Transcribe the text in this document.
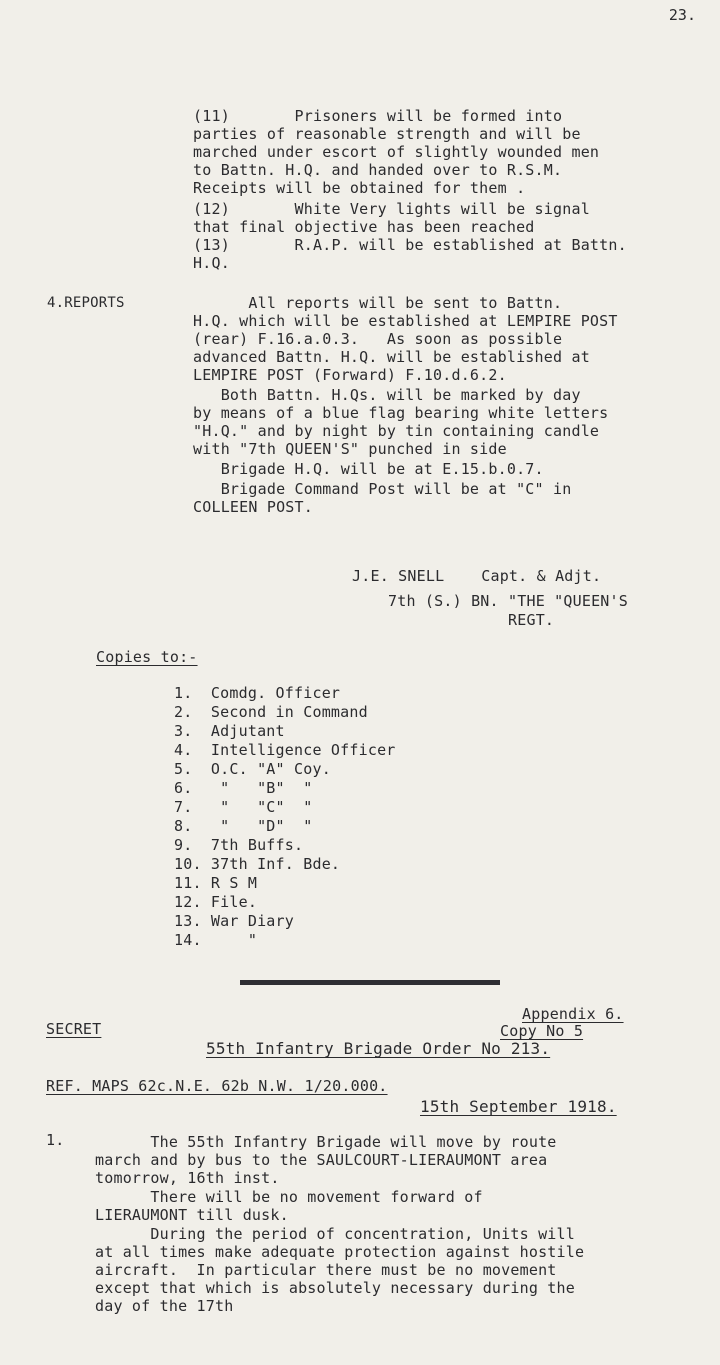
23.
(11)       Prisoners will be formed into
parties of reasonable strength and will be
marched under escort of slightly wounded men
to Battn. H.Q. and handed over to R.S.M.
Receipts will be obtained for them .
(12)       White Very lights will be signal
that final objective has been reached
(13)       R.A.P. will be established at Battn.
H.Q.
4.REPORTS	All reports will be sent to Battn.
H.Q. which will be established at LEMPIRE POST
(rear) F.16.a.0.3.   As soon as possible
advanced Battn. H.Q. will be established at
LEMPIRE POST (Forward) F.10.d.6.2.
Both Battn. H.Qs. will be marked by day
by means of a blue flag bearing white letters
"H.Q." and by night by tin containing candle
with "7th QUEEN'S" punched in side
Brigade H.Q. will be at E.15.b.0.7.
Brigade Command Post will be at "C" in
COLLEEN POST.
J.E. SNELL    Capt. & Adjt.
7th (S.) BN. "THE "QUEEN'S
REGT.
Copies to:-
1.  Comdg. Officer
2.  Second in Command
3.  Adjutant
4.  Intelligence Officer
5.  O.C. "A" Coy.
6.   "   "B"  "
7.   "   "C"  "
8.   "   "D"  "
9.  7th Buffs.
10. 37th Inf. Bde.
11. R S M
12. File.
13. War Diary
14.     "
Appendix 6.
SECRET	Copy No 5
55th Infantry Brigade Order No 213.
REF. MAPS 62c.N.E. 62b N.W. 1/20.000.
15th September 1918.
1. The 55th Infantry Brigade will move by route
march and by bus to the SAULCOURT-LIERAUMONT area
tomorrow, 16th inst.
There will be no movement forward of
LIERAUMONT till dusk.
During the period of concentration, Units will
at all times make adequate protection against hostile
aircraft.  In particular there must be no movement
except that which is absolutely necessary during the
day of the 17th
